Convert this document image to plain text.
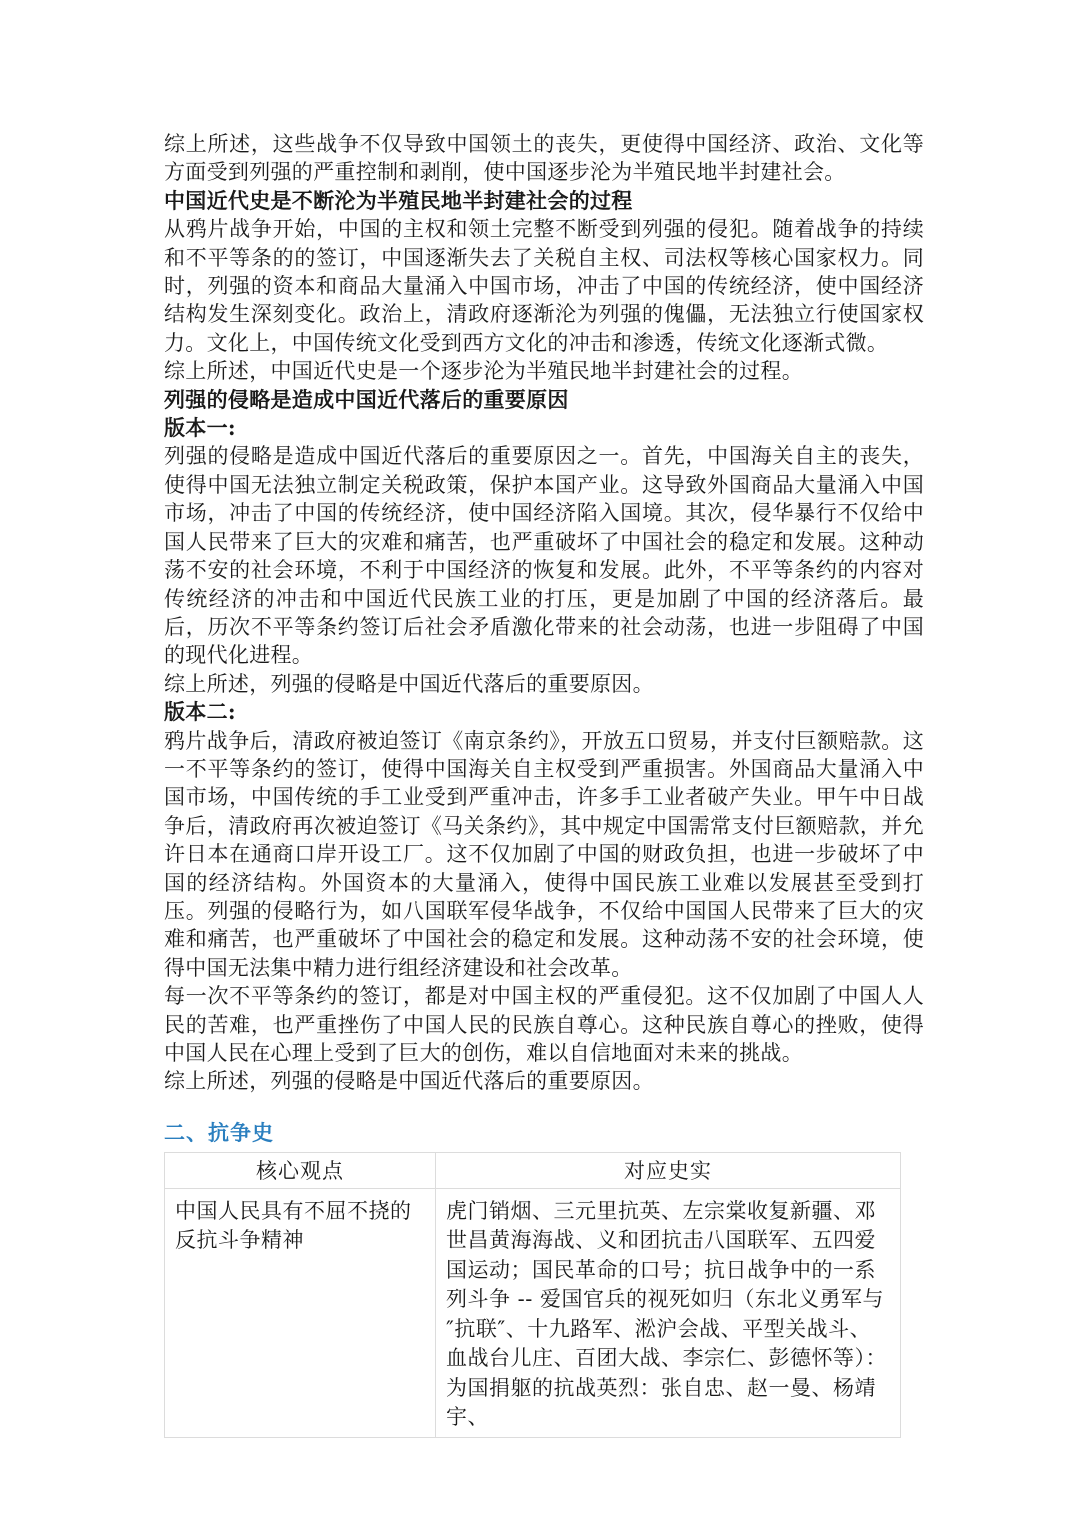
综上所述，这些战争不仅导致中国领土的丧失，更使得中国经济、政治、文化等方面受到列强的严重控制和剥削，使中国逐步沦为半殖民地半封建社会。

中国近代史是不断沦为半殖民地半封建社会的过程

从鸦片战争开始，中国的主权和领土完整不断受到列强的侵犯。随着战争的持续和不平等条的的签订，中国逐渐失去了关税自主权、司法权等核心国家权力。同时，列强的资本和商品大量涌入中国市场，冲击了中国的传统经济，使中国经济结构发生深刻变化。政治上，清政府逐渐沦为列强的傀儡，无法独立行使国家权力。文化上，中国传统文化受到西方文化的冲击和渗透，传统文化逐渐式微。

综上所述，中国近代史是一个逐步沦为半殖民地半封建社会的过程。

列强的侵略是造成中国近代落后的重要原因

版本一:

列强的侵略是造成中国近代落后的重要原因之一。首先，中国海关自主的丧失，使得中国无法独立制定关税政策，保护本国产业。这导致外国商品大量涌入中国市场，冲击了中国的传统经济，使中国经济陷入国境。其次，侵华暴行不仅给中国人民带来了巨大的灾难和痛苦，也严重破坏了中国社会的稳定和发展。这种动荡不安的社会环境，不利于中国经济的恢复和发展。此外，不平等条约的内容对传统经济的冲击和中国近代民族工业的打压，更是加剧了中国的经济落后。最后，历次不平等条约签订后社会矛盾激化带来的社会动荡，也进一步阻碍了中国的现代化进程。

综上所述，列强的侵略是中国近代落后的重要原因。

版本二:

鸦片战争后，清政府被迫签订《南京条约》，开放五口贸易，并支付巨额赔款。这一不平等条约的签订，使得中国海关自主权受到严重损害。外国商品大量涌入中国市场，中国传统的手工业受到严重冲击，许多手工业者破产失业。甲午中日战争后，清政府再次被迫签订《马关条约》，其中规定中国需常支付巨额赔款，并允许日本在通商口岸开设工厂。这不仅加剧了中国的财政负担，也进一步破坏了中国的经济结构。外国资本的大量涌入，使得中国民族工业难以发展甚至受到打压。列强的侵略行为，如八国联军侵华战争，不仅给中国国人民带来了巨大的灾难和痛苦，也严重破坏了中国社会的稳定和发展。这种动荡不安的社会环境，使得中国无法集中精力进行组经济建设和社会改革。

每一次不平等条约的签订，都是对中国主权的严重侵犯。这不仅加剧了中国人人民的苦难，也严重挫伤了中国人民的民族自尊心。这种民族自尊心的挫败，使得中国人民在心理上受到了巨大的创伤，难以自信地面对未来的挑战。

综上所述，列强的侵略是中国近代落后的重要原因。

二、抗争史
核心观点	对应史实

中国人民具有不屈不挠的反抗斗争精神	虎门销烟、三元里抗英、左宗棠收复新疆、邓世昌黄海海战、义和团抗击八国联军、五四爱国运动；国民革命的口号；抗日战争中的一系列斗争 -- 爱国官兵的视死如归（东北义勇军与 ″抗联″、十九路军、淞沪会战、平型关战斗、血战台儿庄、百团大战、李宗仁、彭德怀等）：为国捐躯的抗战英烈：张自忠、赵一曼、杨靖宇、
